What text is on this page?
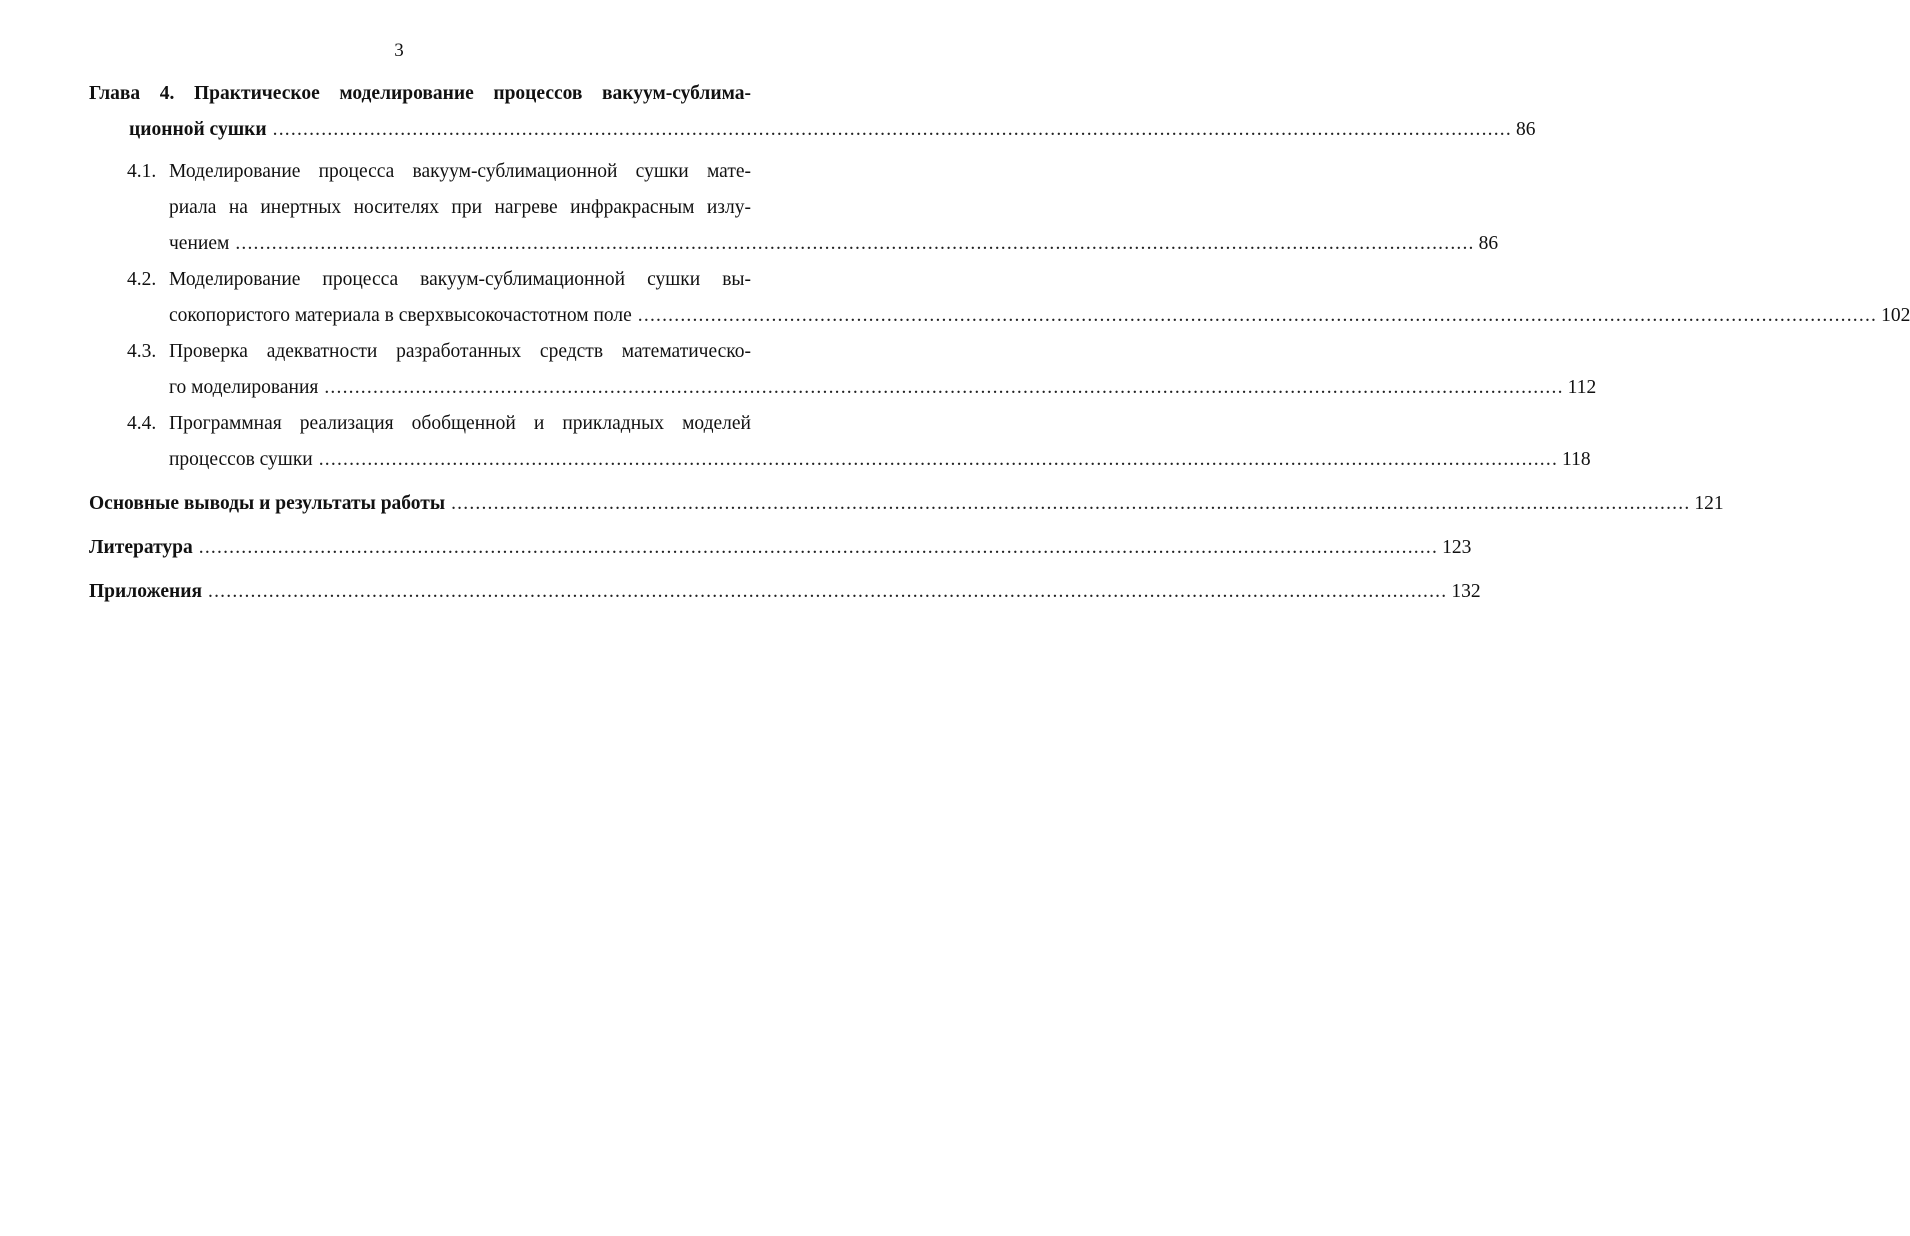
3
Глава 4. Практическое моделирование процессов вакуум-сублима-
ционной сушки ............................................................................................................................................................................................................ 86
4.1. Моделирование процесса вакуум-сублимационной сушки мате-
риала на инертных носителях при нагреве инфракрасным излу-
чением ............................................................................................................................................................................................................ 86
4.2. Моделирование процесса вакуум-сублимационной сушки вы-
сокопористого материала в сверхвысокочастотном поле ............................................................................................................................................................................................................ 102
4.3. Проверка адекватности разработанных средств математическо-
го моделирования ............................................................................................................................................................................................................ 112
4.4. Программная реализация обобщенной и прикладных моделей
процессов сушки ............................................................................................................................................................................................................ 118
Основные выводы и результаты работы ............................................................................................................................................................................................................ 121
Литература ............................................................................................................................................................................................................ 123
Приложения ............................................................................................................................................................................................................ 132
